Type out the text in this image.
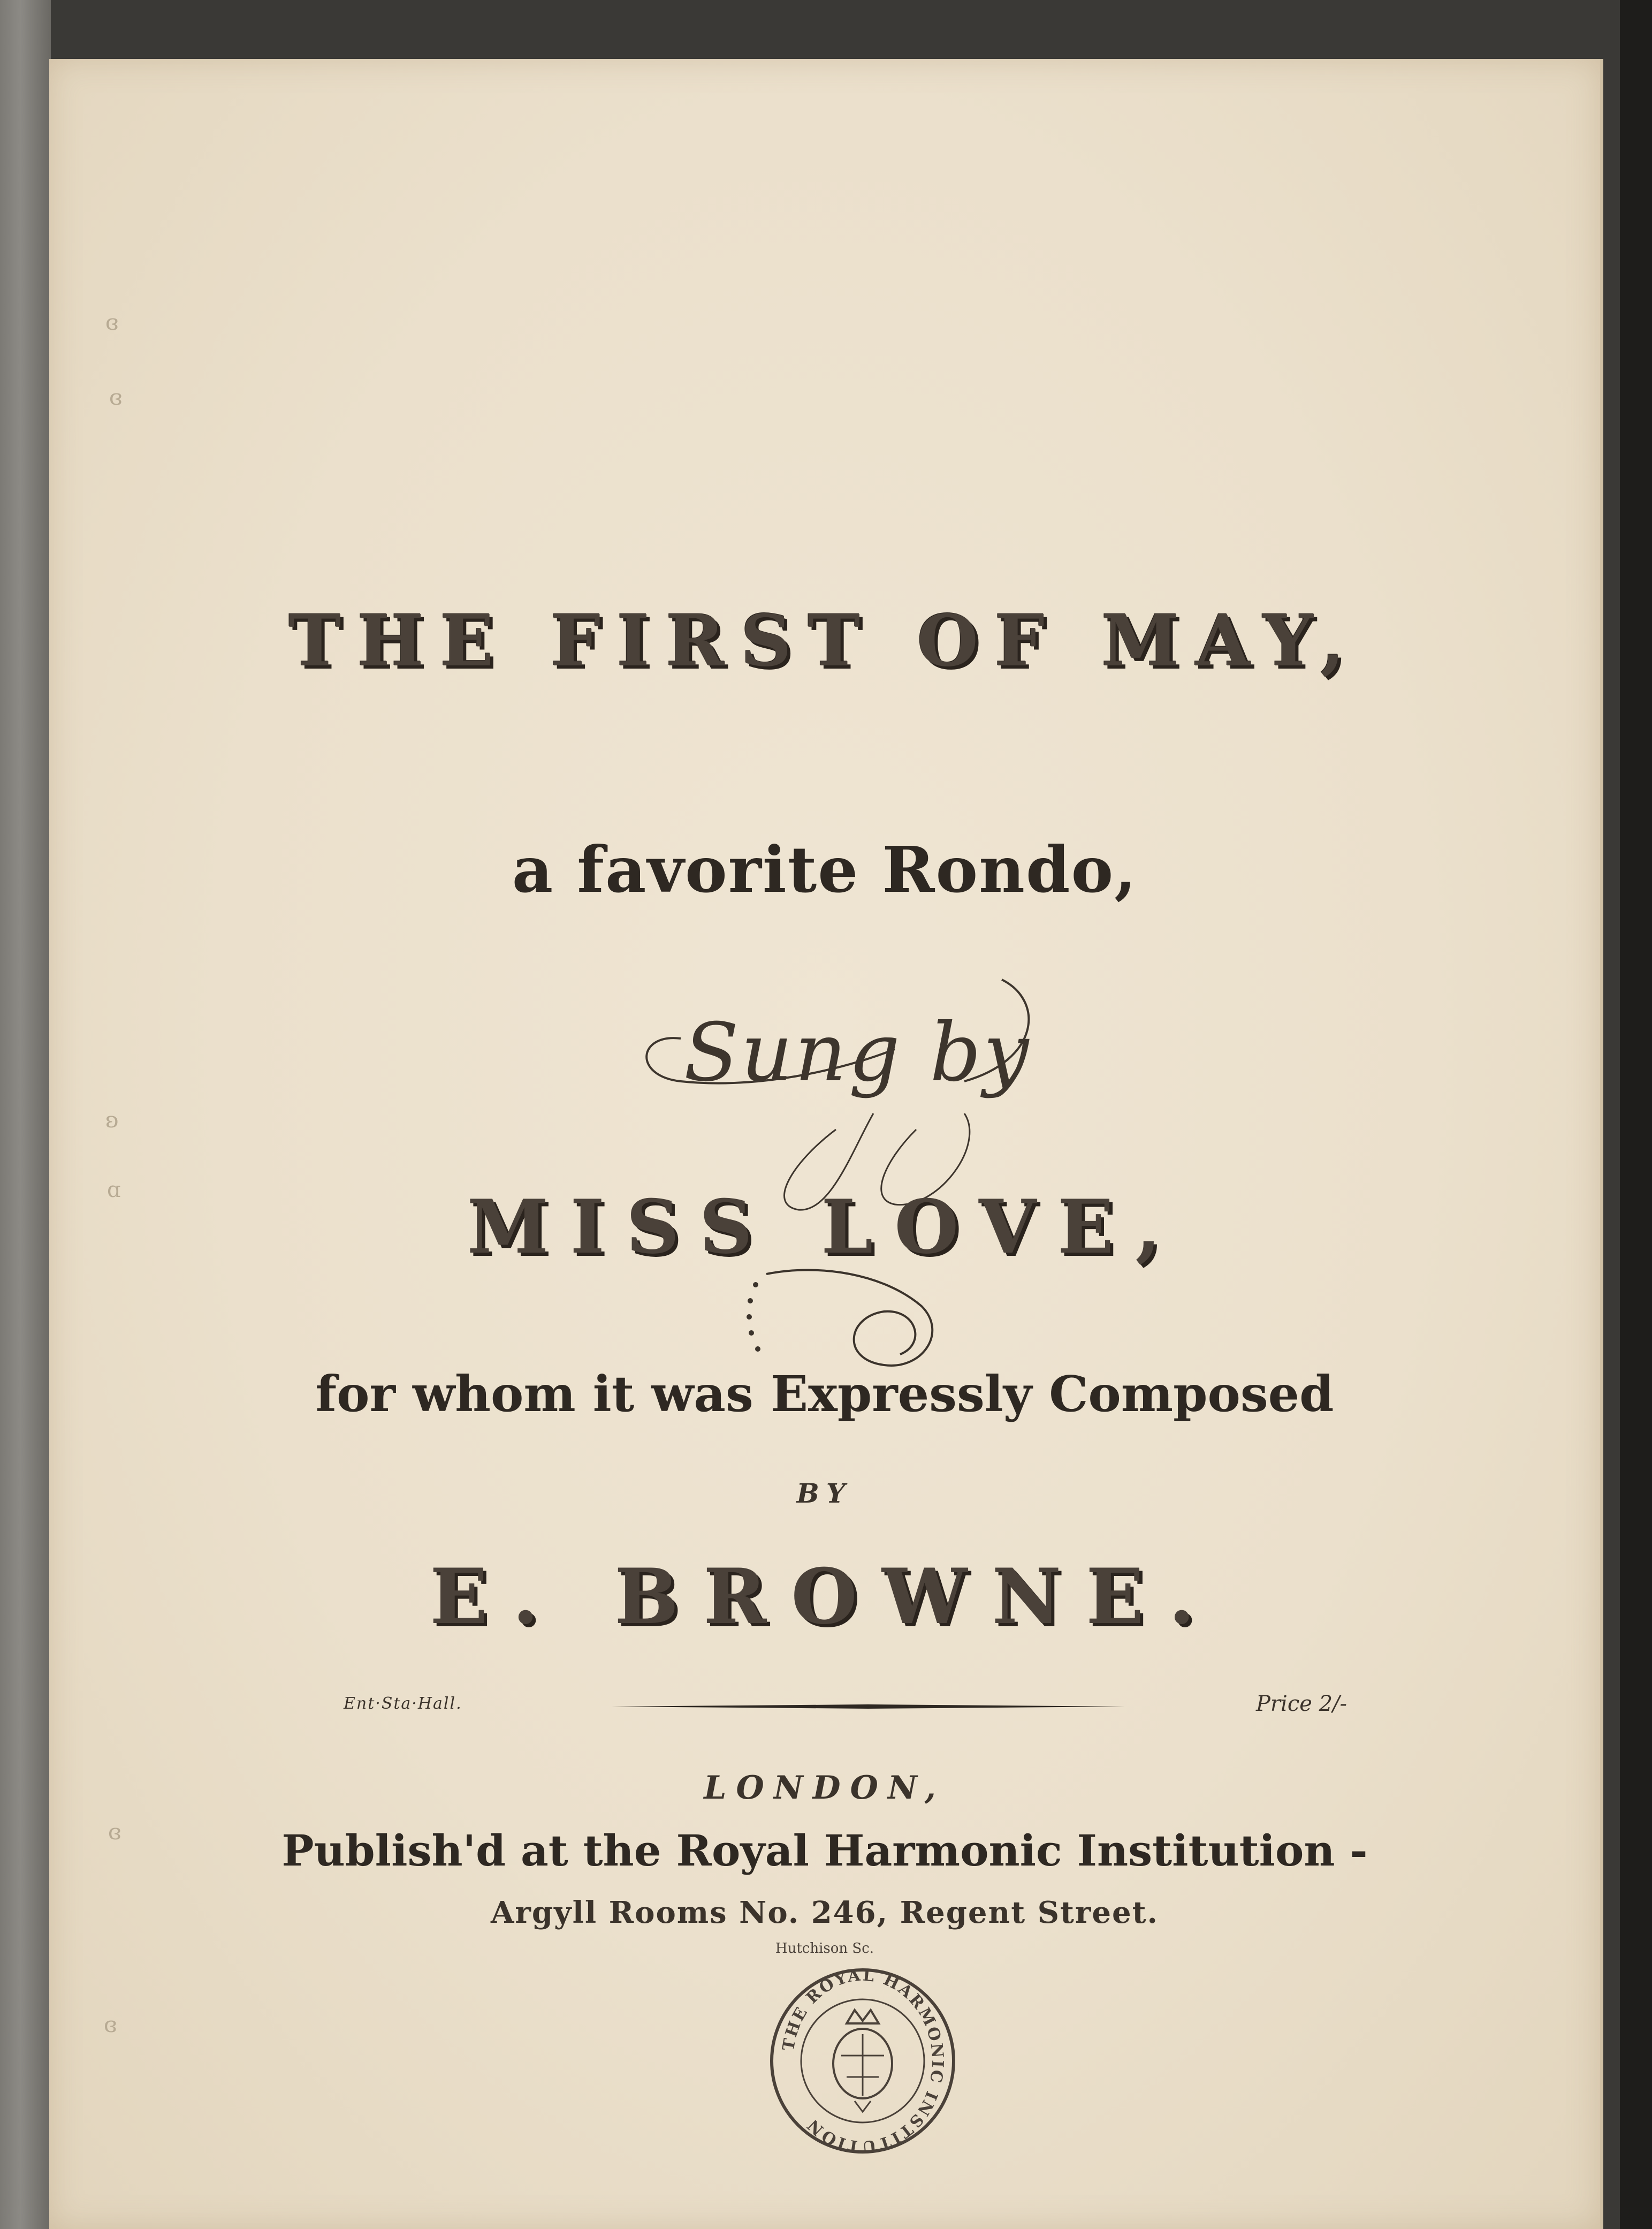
ɞ
ɞ
ʚ
ɑ
ɞ
ɞ
THE FIRST OF MAY,
a favorite Rondo,
Sung by
MISS LOVE,
for whom it was Expressly Composed
BY
E. BROWNE.
Ent·Sta·Hall.	Price 2/-
LONDON,
Publish'd at the Royal Harmonic Institution -
Argyll Rooms No. 246, Regent Street.
Hutchison Sc.
THE ROYAL HARMONIC INSTITUTION
